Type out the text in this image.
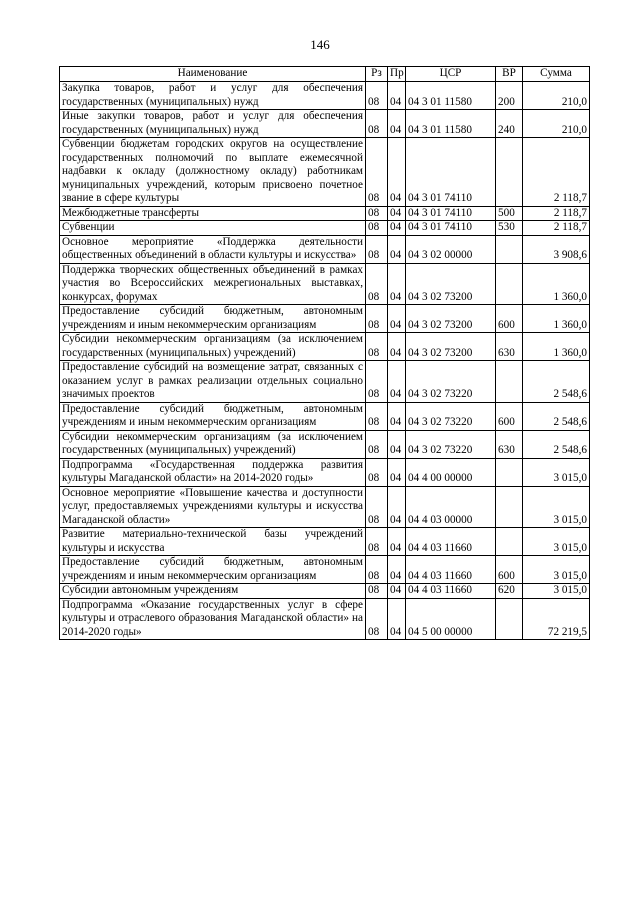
146
Наименование	Рз	Пр	ЦСР	ВР	Сумма
Закупка товаров, работ и услуг для обеспечения государственных (муниципальных) нужд	08	04	04 3 01 11580	200	210,0
Иные закупки товаров, работ и услуг для обеспечения государственных (муниципальных) нужд	08	04	04 3 01 11580	240	210,0
Субвенции бюджетам городских округов на осуществление государственных полномочий по выплате ежемесячной надбавки к окладу (должностному окладу) работникам муниципальных учреждений, которым присвоено почетное звание в сфере культуры	08	04	04 3 01 74110		2 118,7
Межбюджетные трансферты	08	04	04 3 01 74110	500	2 118,7
Субвенции	08	04	04 3 01 74110	530	2 118,7
Основное мероприятие «Поддержка деятельности общественных объединений в области культуры и искусства»	08	04	04 3 02 00000		3 908,6
Поддержка творческих общественных объединений в рамках участия во Всероссийских межрегиональных выставках, конкурсах, форумах	08	04	04 3 02 73200		1 360,0
Предоставление субсидий бюджетным, автономным учреждениям и иным некоммерческим организациям	08	04	04 3 02 73200	600	1 360,0
Субсидии некоммерческим организациям (за исключением государственных (муниципальных) учреждений)	08	04	04 3 02 73200	630	1 360,0
Предоставление субсидий на возмещение затрат, связанных с оказанием услуг в рамках реализации отдельных социально значимых проектов	08	04	04 3 02 73220		2 548,6
Предоставление субсидий бюджетным, автономным учреждениям и иным некоммерческим организациям	08	04	04 3 02 73220	600	2 548,6
Субсидии некоммерческим организациям (за исключением государственных (муниципальных) учреждений)	08	04	04 3 02 73220	630	2 548,6
Подпрограмма «Государственная поддержка развития культуры Магаданской области» на 2014-2020 годы»	08	04	04 4 00 00000		3 015,0
Основное мероприятие «Повышение качества и доступности услуг, предоставляемых учреждениями культуры и искусства Магаданской области»	08	04	04 4 03 00000		3 015,0
Развитие материально-технической базы учреждений культуры и искусства	08	04	04 4 03 11660		3 015,0
Предоставление субсидий бюджетным, автономным учреждениям и иным некоммерческим организациям	08	04	04 4 03 11660	600	3 015,0
Субсидии автономным учреждениям	08	04	04 4 03 11660	620	3 015,0
Подпрограмма «Оказание государственных услуг в сфере культуры и отраслевого образования Магаданской области» на 2014-2020 годы»	08	04	04 5 00 00000		72 219,5
